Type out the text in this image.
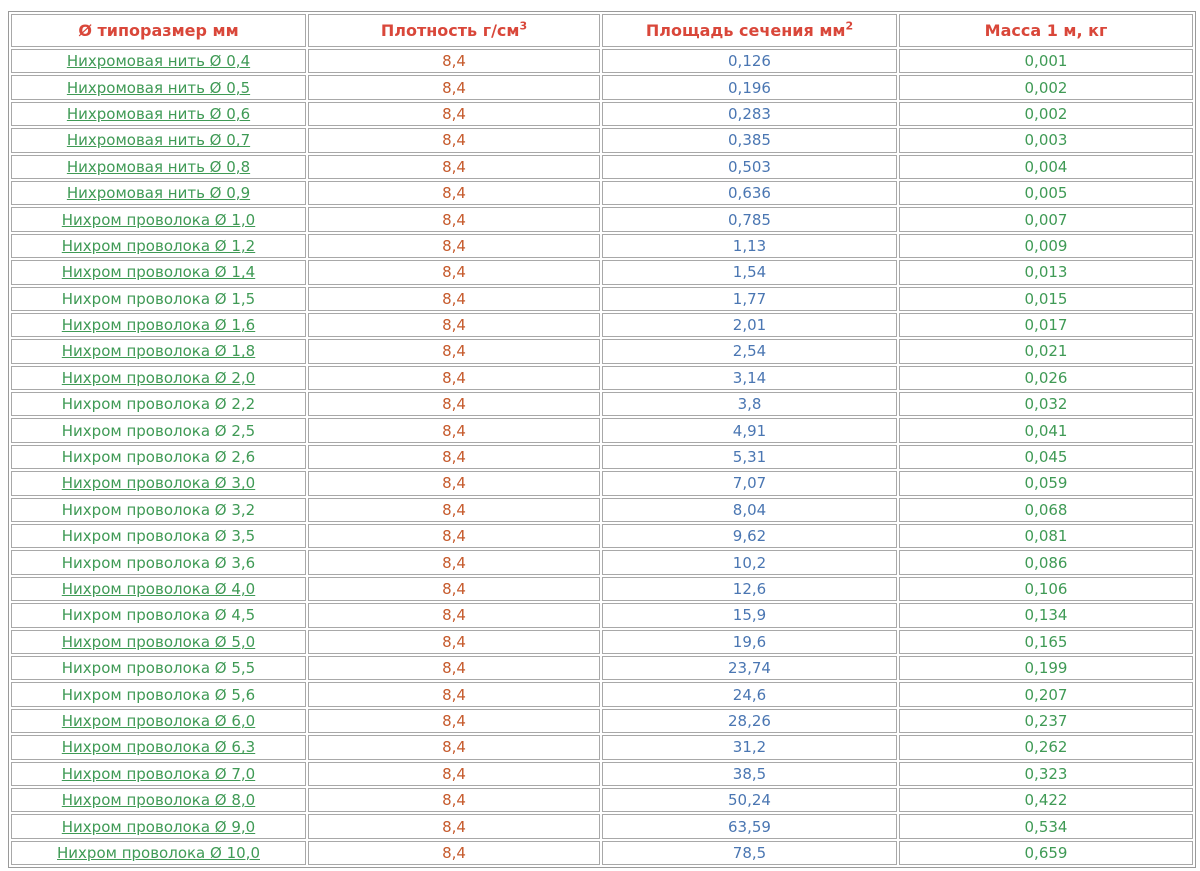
Ø типоразмер мм	Плотность $г/см^3$	Площадь сечения $мм^2$	Масса 1 м, кг
Нихромовая нить Ø 0,4	8,4	0,126	0,001
Нихромовая нить Ø 0,5	8,4	0,196	0,002
Нихромовая нить Ø 0,6	8,4	0,283	0,002
Нихромовая нить Ø 0,7	8,4	0,385	0,003
Нихромовая нить Ø 0,8	8,4	0,503	0,004
Нихромовая нить Ø 0,9	8,4	0,636	0,005
Нихром проволока Ø 1,0	8,4	0,785	0,007
Нихром проволока Ø 1,2	8,4	1,13	0,009
Нихром проволока Ø 1,4	8,4	1,54	0,013
Нихром проволока Ø 1,5	8,4	1,77	0,015
Нихром проволока Ø 1,6	8,4	2,01	0,017
Нихром проволока Ø 1,8	8,4	2,54	0,021
Нихром проволока Ø 2,0	8,4	3,14	0,026
Нихром проволока Ø 2,2	8,4	3,8	0,032
Нихром проволока Ø 2,5	8,4	4,91	0,041
Нихром проволока Ø 2,6	8,4	5,31	0,045
Нихром проволока Ø 3,0	8,4	7,07	0,059
Нихром проволока Ø 3,2	8,4	8,04	0,068
Нихром проволока Ø 3,5	8,4	9,62	0,081
Нихром проволока Ø 3,6	8,4	10,2	0,086
Нихром проволока Ø 4,0	8,4	12,6	0,106
Нихром проволока Ø 4,5	8,4	15,9	0,134
Нихром проволока Ø 5,0	8,4	19,6	0,165
Нихром проволока Ø 5,5	8,4	23,74	0,199
Нихром проволока Ø 5,6	8,4	24,6	0,207
Нихром проволока Ø 6,0	8,4	28,26	0,237
Нихром проволока Ø 6,3	8,4	31,2	0,262
Нихром проволока Ø 7,0	8,4	38,5	0,323
Нихром проволока Ø 8,0	8,4	50,24	0,422
Нихром проволока Ø 9,0	8,4	63,59	0,534
Нихром проволока Ø 10,0	8,4	78,5	0,659
